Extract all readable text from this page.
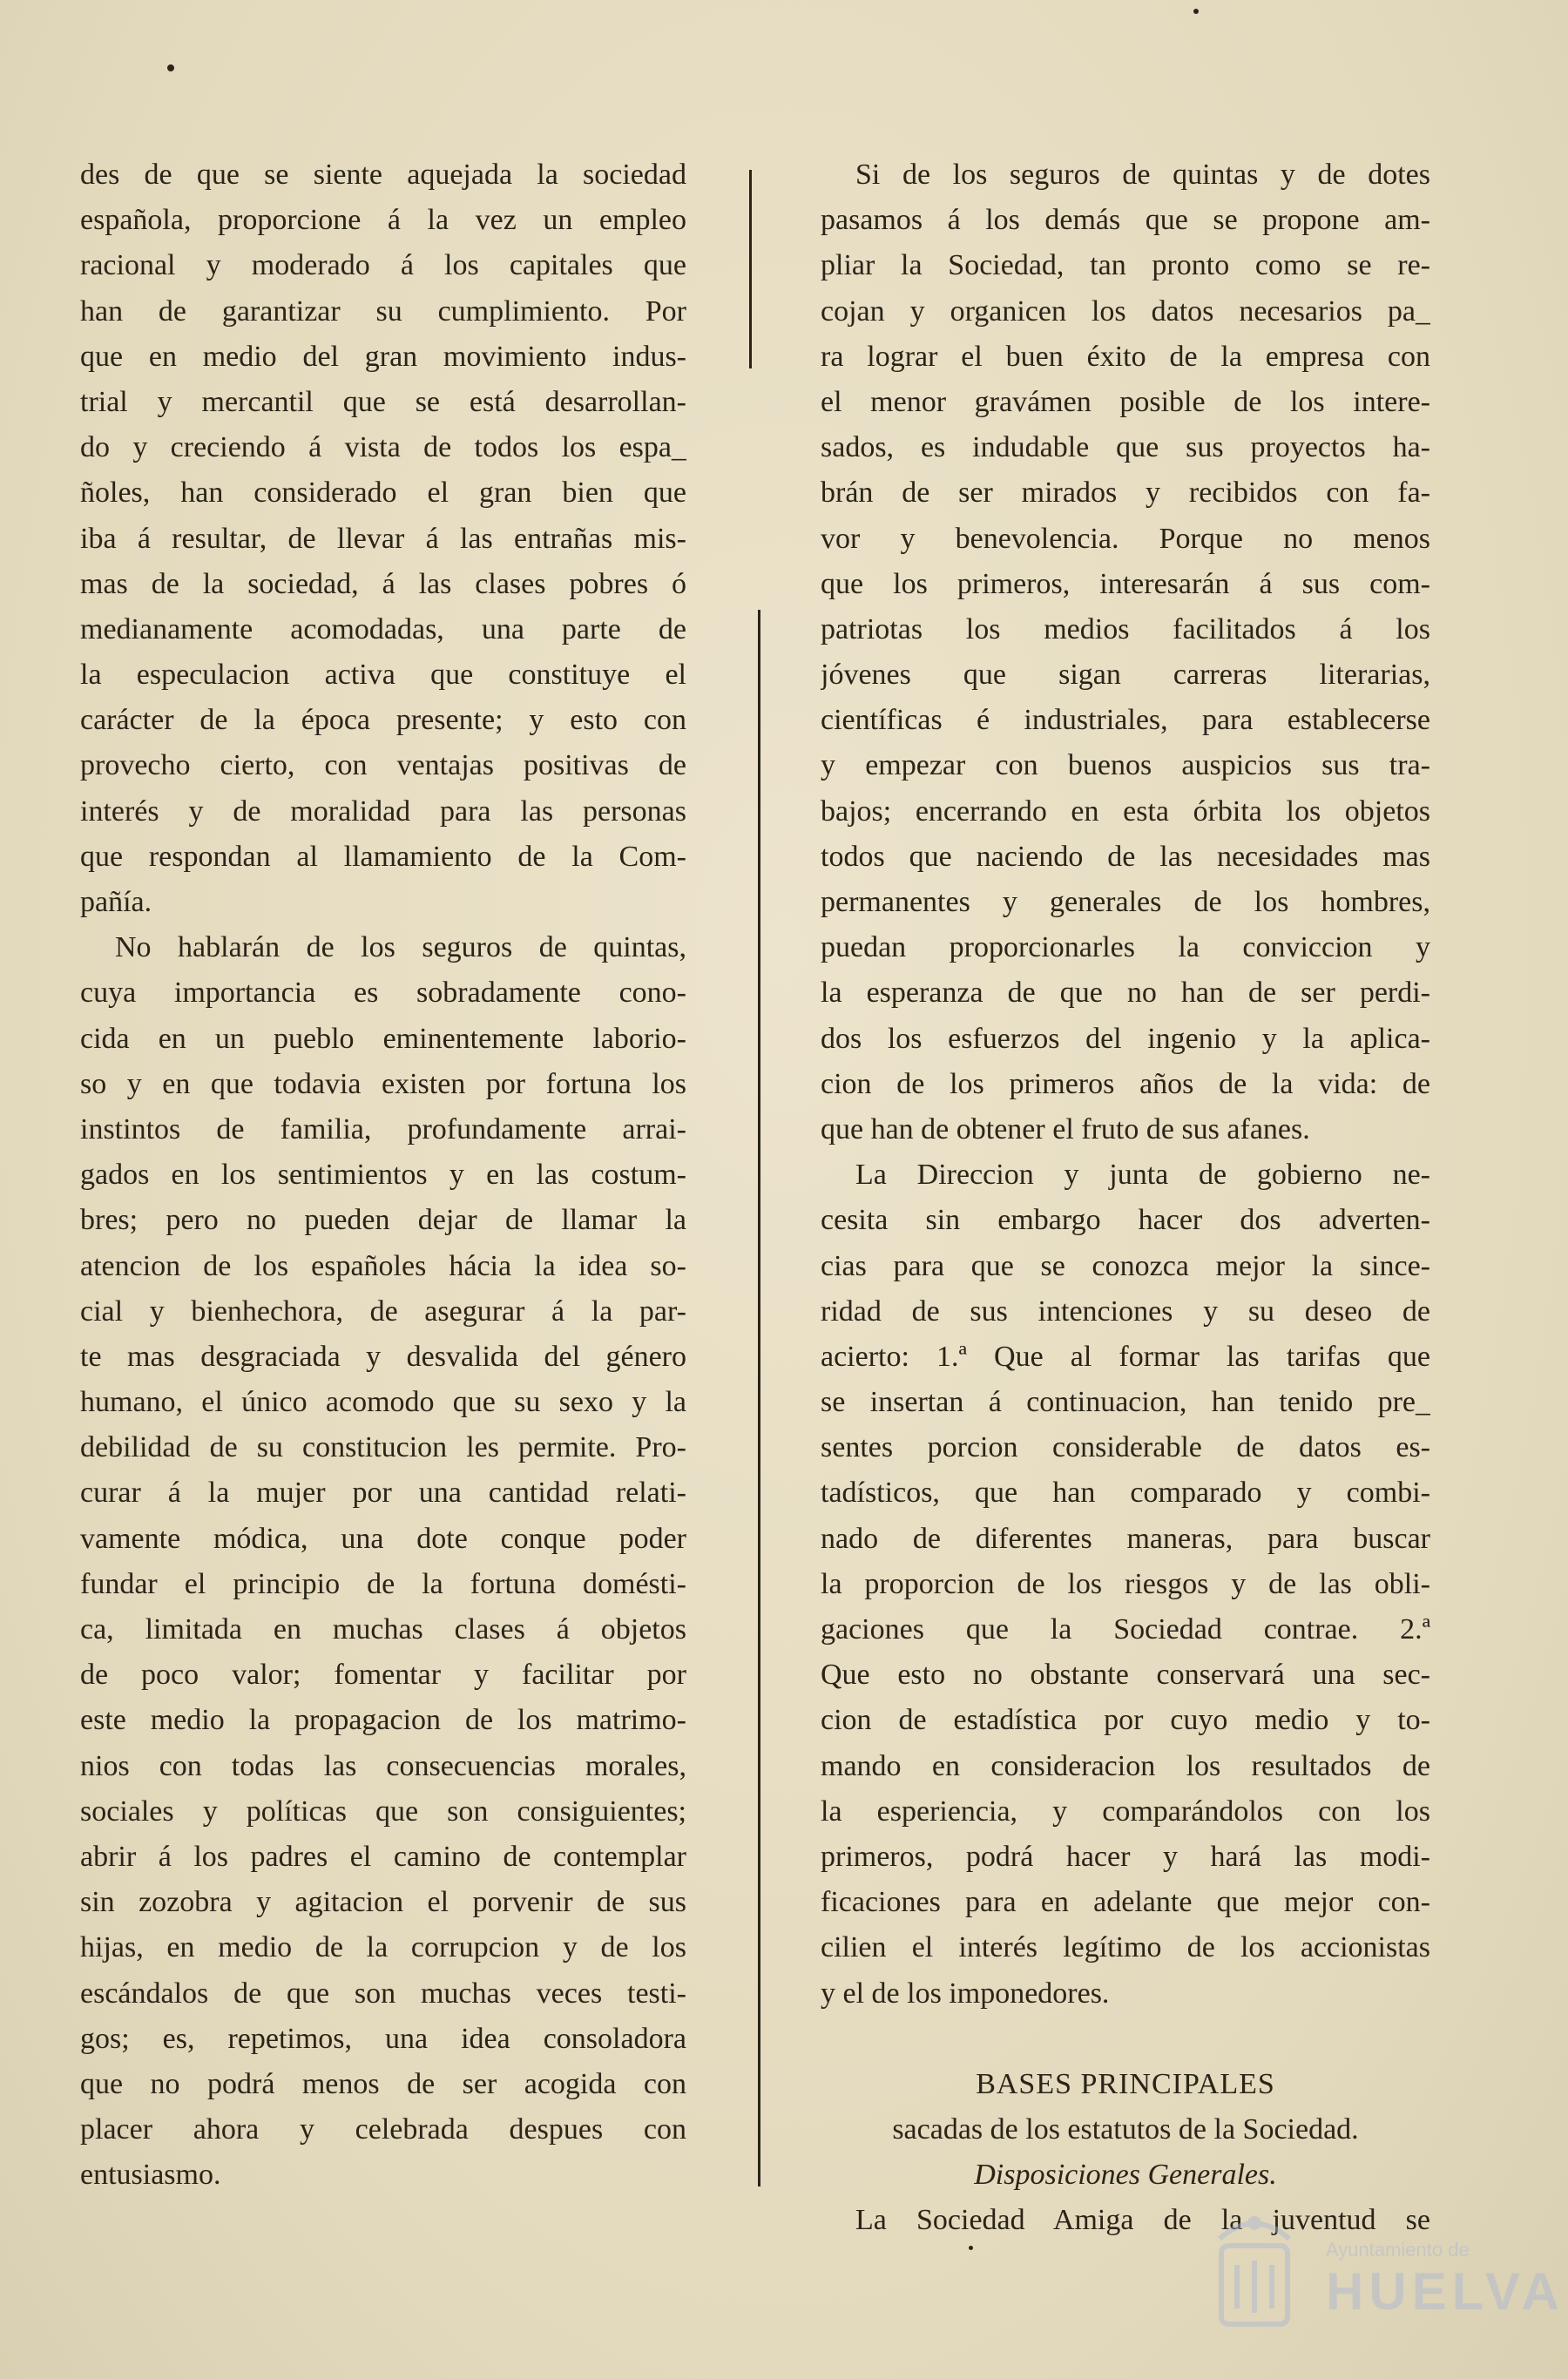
des de que se siente aquejada la sociedad
española, proporcione á la vez un empleo
racional y moderado á los capitales que
han de garantizar su cumplimiento. Por
que en medio del gran movimiento indus-
trial y mercantil que se está desarrollan-
do y creciendo á vista de todos los espa_
ñoles, han considerado el gran bien que
iba á resultar, de llevar á las entrañas mis-
mas de la sociedad, á las clases pobres ó
medianamente acomodadas, una parte de
la especulacion activa que constituye el
carácter de la época presente; y esto con
provecho cierto, con ventajas positivas de
interés y de moralidad para las personas
que respondan al llamamiento de la Com-
pañía.
No hablarán de los seguros de quintas,
cuya importancia es sobradamente cono-
cida en un pueblo eminentemente laborio-
so y en que todavia existen por fortuna los
instintos de familia, profundamente arrai-
gados en los sentimientos y en las costum-
bres; pero no pueden dejar de llamar la
atencion de los españoles hácia la idea so-
cial y bienhechora, de asegurar á la par-
te mas desgraciada y desvalida del género
humano, el único acomodo que su sexo y la
debilidad de su constitucion les permite. Pro-
curar á la mujer por una cantidad relati-
vamente módica, una dote conque poder
fundar el principio de la fortuna domésti-
ca, limitada en muchas clases á objetos
de poco valor; fomentar y facilitar por
este medio la propagacion de los matrimo-
nios con todas las consecuencias morales,
sociales y políticas que son consiguientes;
abrir á los padres el camino de contemplar
sin zozobra y agitacion el porvenir de sus
hijas, en medio de la corrupcion y de los
escándalos de que son muchas veces testi-
gos; es, repetimos, una idea consoladora
que no podrá menos de ser acogida con
placer ahora y celebrada despues con
entusiasmo.
Si de los seguros de quintas y de dotes
pasamos á los demás que se propone am-
pliar la Sociedad, tan pronto como se re-
cojan y organicen los datos necesarios pa_
ra lograr el buen éxito de la empresa con
el menor gravámen posible de los intere-
sados, es indudable que sus proyectos ha-
brán de ser mirados y recibidos con fa-
vor y benevolencia. Porque no menos
que los primeros, interesarán á sus com-
patriotas los medios facilitados á los
jóvenes que sigan carreras literarias,
científicas é industriales, para establecerse
y empezar con buenos auspicios sus tra-
bajos; encerrando en esta órbita los objetos
todos que naciendo de las necesidades mas
permanentes y generales de los hombres,
puedan proporcionarles la conviccion y
la esperanza de que no han de ser perdi-
dos los esfuerzos del ingenio y la aplica-
cion de los primeros años de la vida: de
que han de obtener el fruto de sus afanes.
La Direccion y junta de gobierno ne-
cesita sin embargo hacer dos adverten-
cias para que se conozca mejor la since-
ridad de sus intenciones y su deseo de
acierto: 1.ª Que al formar las tarifas que
se insertan á continuacion, han tenido pre_
sentes porcion considerable de datos es-
tadísticos, que han comparado y combi-
nado de diferentes maneras, para buscar
la proporcion de los riesgos y de las obli-
gaciones que la Sociedad contrae. 2.ª
Que esto no obstante conservará una sec-
cion de estadística por cuyo medio y to-
mando en consideracion los resultados de
la esperiencia, y comparándolos con los
primeros, podrá hacer y hará las modi-
ficaciones para en adelante que mejor con-
cilien el interés legítimo de los accionistas
y el de los imponedores.
BASES PRINCIPALES
sacadas de los estatutos de la Sociedad.
Disposiciones Generales.
La Sociedad Amiga de la juventud se
Ayuntamiento de
HUELVA
